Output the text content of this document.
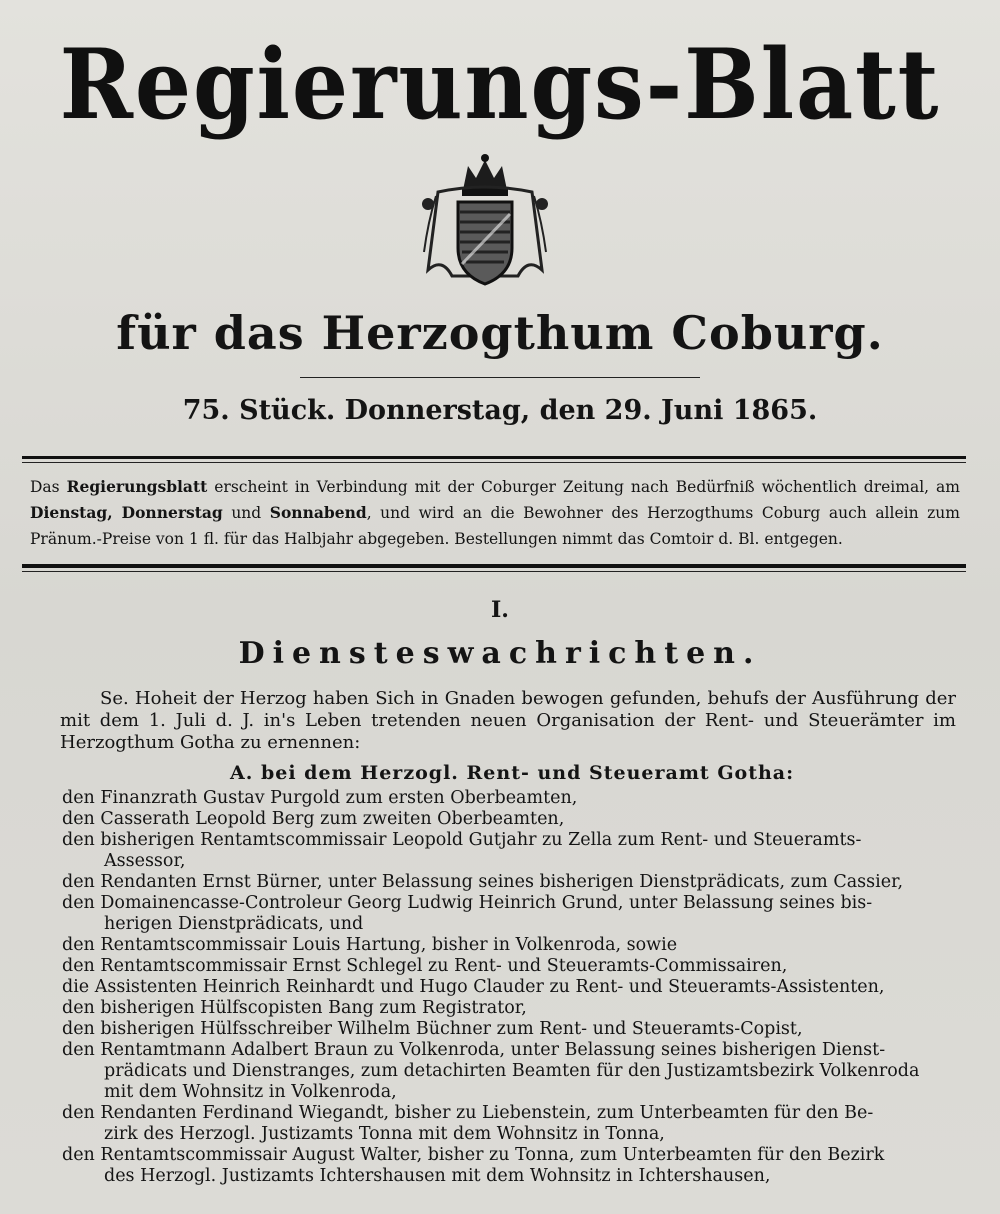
Regierungs-Blatt
für das Herzogthum Coburg.
75. Stück. Donnerstag, den 29. Juni 1865.
Das Regierungsblatt erscheint in Verbindung mit der Coburger Zeitung nach Bedürfniß wöchentlich dreimal, am Dienstag, Donnerstag und Sonnabend, und wird an die Bewohner des Herzogthums Coburg auch allein zum Pränum.-Preise von 1 fl. für das Halbjahr abgegeben. Bestellungen nimmt das Comtoir d. Bl. entgegen.
I.
Diensteswachrichten.
Se. Hoheit der Herzog haben Sich in Gnaden bewogen gefunden, behufs der Ausführung der mit dem 1. Juli d. J. in's Leben tretenden neuen Organisation der Rent- und Steuerämter im Herzogthum Gotha zu ernennen:
A. bei dem Herzogl. Rent- und Steueramt Gotha:
den Finanzrath Gustav Purgold zum ersten Oberbeamten,
den Casserath Leopold Berg zum zweiten Oberbeamten,
den bisherigen Rentamtscommissair Leopold Gutjahr zu Zella zum Rent- und Steueramts-
Assessor,
den Rendanten Ernst Bürner, unter Belassung seines bisherigen Dienstprädicats, zum Cassier,
den Domainencasse-Controleur Georg Ludwig Heinrich Grund, unter Belassung seines bis-
herigen Dienstprädicats, und
den Rentamtscommissair Louis Hartung, bisher in Volkenroda, sowie
den Rentamtscommissair Ernst Schlegel zu Rent- und Steueramts-Commissairen,
die Assistenten Heinrich Reinhardt und Hugo Clauder zu Rent- und Steueramts-Assistenten,
den bisherigen Hülfscopisten Bang zum Registrator,
den bisherigen Hülfsschreiber Wilhelm Büchner zum Rent- und Steueramts-Copist,
den Rentamtmann Adalbert Braun zu Volkenroda, unter Belassung seines bisherigen Dienst-
prädicats und Dienstranges, zum detachirten Beamten für den Justizamtsbezirk Volkenroda
mit dem Wohnsitz in Volkenroda,
den Rendanten Ferdinand Wiegandt, bisher zu Liebenstein, zum Unterbeamten für den Be-
zirk des Herzogl. Justizamts Tonna mit dem Wohnsitz in Tonna,
den Rentamtscommissair August Walter, bisher zu Tonna, zum Unterbeamten für den Bezirk
des Herzogl. Justizamts Ichtershausen mit dem Wohnsitz in Ichtershausen,
